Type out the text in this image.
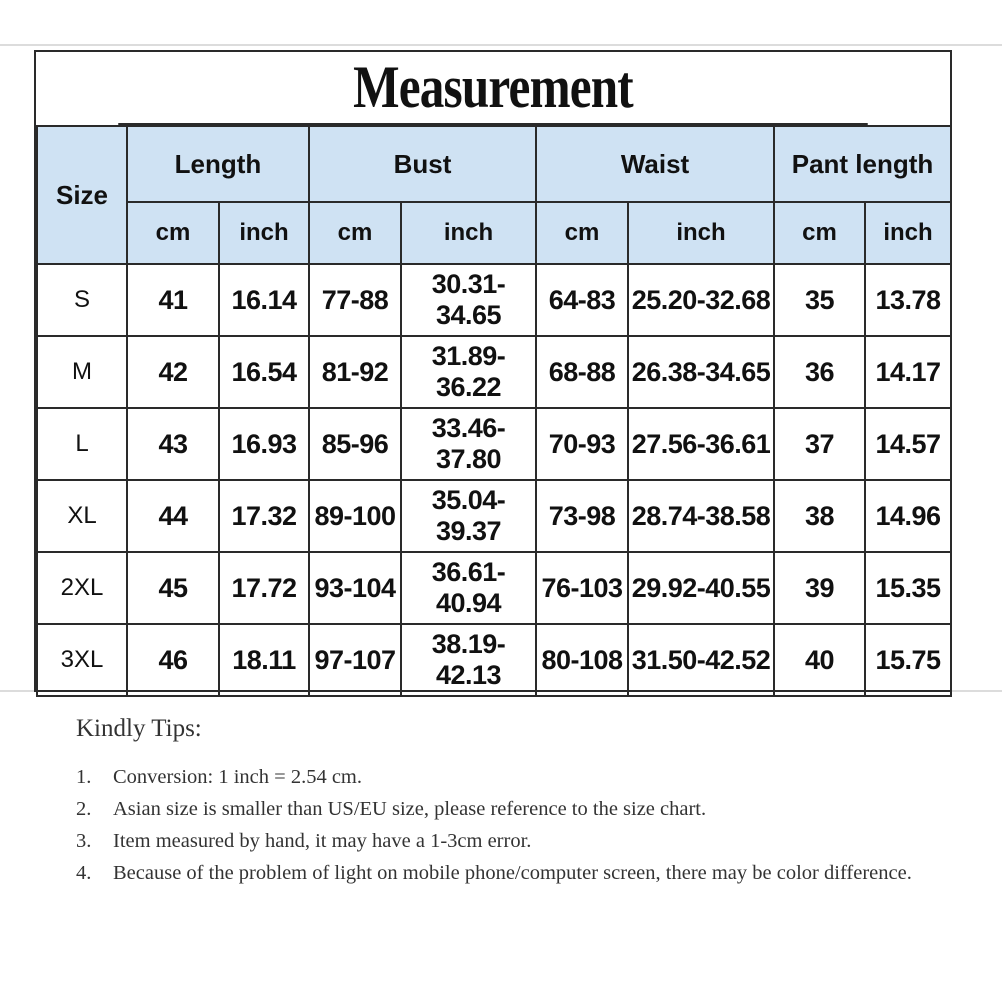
Measurement
Size	Length		Bust		Waist		Pant length	
	cm	inch	cm	inch	cm	inch	cm	inch
S	41	16.14	77-88	30.31-34.65	64-83	25.20-32.68	35	13.78
M	42	16.54	81-92	31.89-36.22	68-88	26.38-34.65	36	14.17
L	43	16.93	85-96	33.46-37.80	70-93	27.56-36.61	37	14.57
XL	44	17.32	89-100	35.04-39.37	73-98	28.74-38.58	38	14.96
2XL	45	17.72	93-104	36.61-40.94	76-103	29.92-40.55	39	15.35
3XL	46	18.11	97-107	38.19-42.13	80-108	31.50-42.52	40	15.75
Kindly Tips:
1. Conversion: 1 inch = 2.54 cm.
2. Asian size is smaller than US/EU size, please reference to the size chart.
3. Item measured by hand, it may have a 1-3cm error.
4. Because of the problem of light on mobile phone/computer screen, there may be color difference.
